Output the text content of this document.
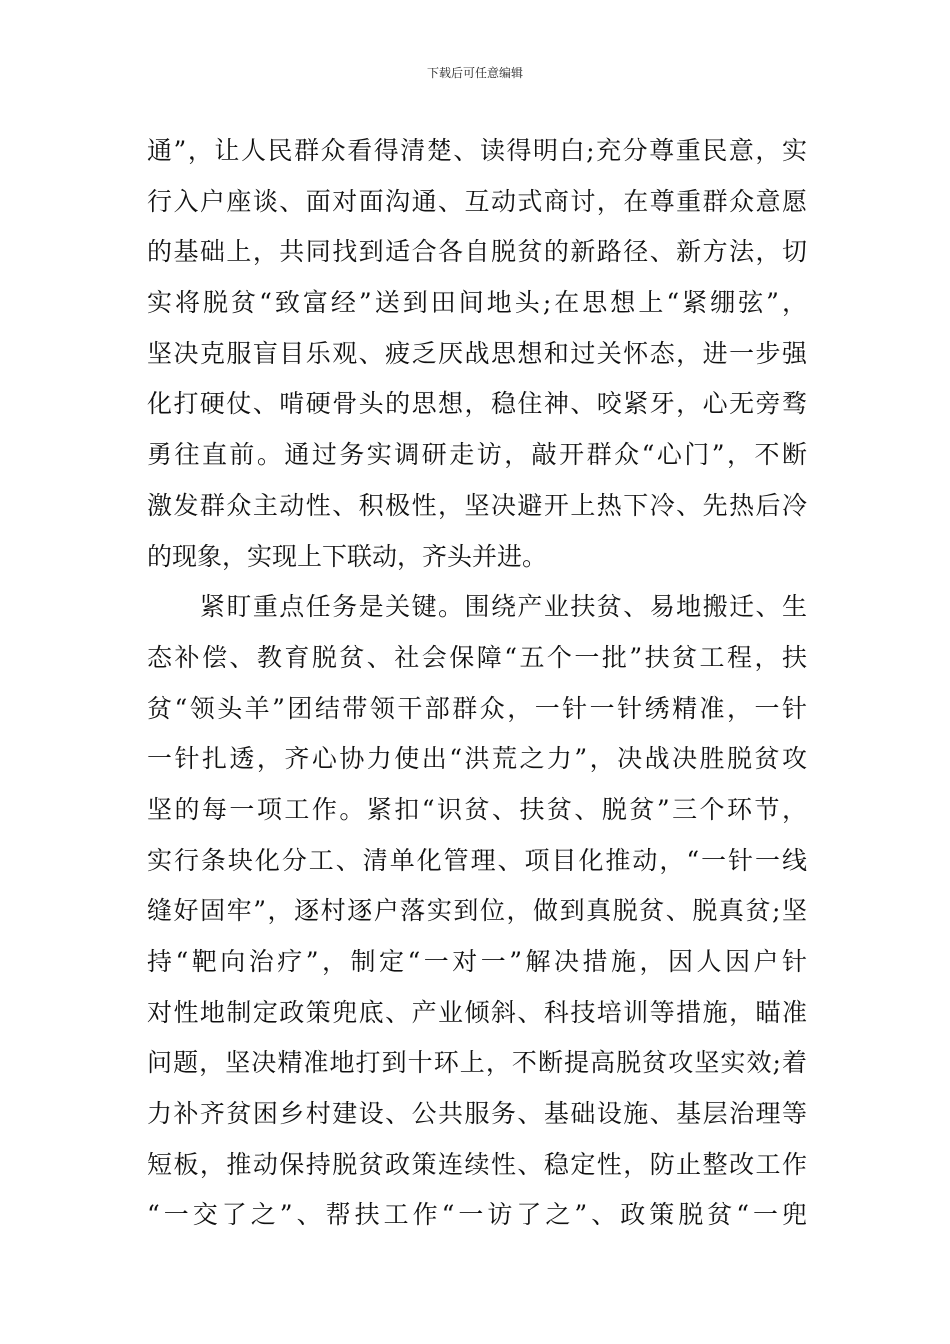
下载后可任意编辑
通”，让人民群众看得清楚、读得明白;充分尊重民意，实
行入户座谈、面对面沟通、互动式商讨，在尊重群众意愿
的基础上，共同找到适合各自脱贫的新路径、新方法，切
实将脱贫“致富经”送到田间地头;在思想上“紧绷弦”，
坚决克服盲目乐观、疲乏厌战思想和过关怀态，进一步强
化打硬仗、啃硬骨头的思想，稳住神、咬紧牙，心无旁骛
勇往直前。通过务实调研走访，敲开群众“心门”，不断
激发群众主动性、积极性，坚决避开上热下冷、先热后冷
的现象，实现上下联动，齐头并进。
　　紧盯重点任务是关键。围绕产业扶贫、易地搬迁、生
态补偿、教育脱贫、社会保障“五个一批”扶贫工程，扶
贫“领头羊”团结带领干部群众，一针一针绣精准，一针
一针扎透，齐心协力使出“洪荒之力”，决战决胜脱贫攻
坚的每一项工作。紧扣“识贫、扶贫、脱贫”三个环节，
实行条块化分工、清单化管理、项目化推动，“一针一线
缝好固牢”，逐村逐户落实到位，做到真脱贫、脱真贫;坚
持“靶向治疗”，制定“一对一”解决措施，因人因户针
对性地制定政策兜底、产业倾斜、科技培训等措施，瞄准
问题，坚决精准地打到十环上，不断提高脱贫攻坚实效;着
力补齐贫困乡村建设、公共服务、基础设施、基层治理等
短板，推动保持脱贫政策连续性、稳定性，防止整改工作
“一交了之”、帮扶工作“一访了之”、政策脱贫“一兜
